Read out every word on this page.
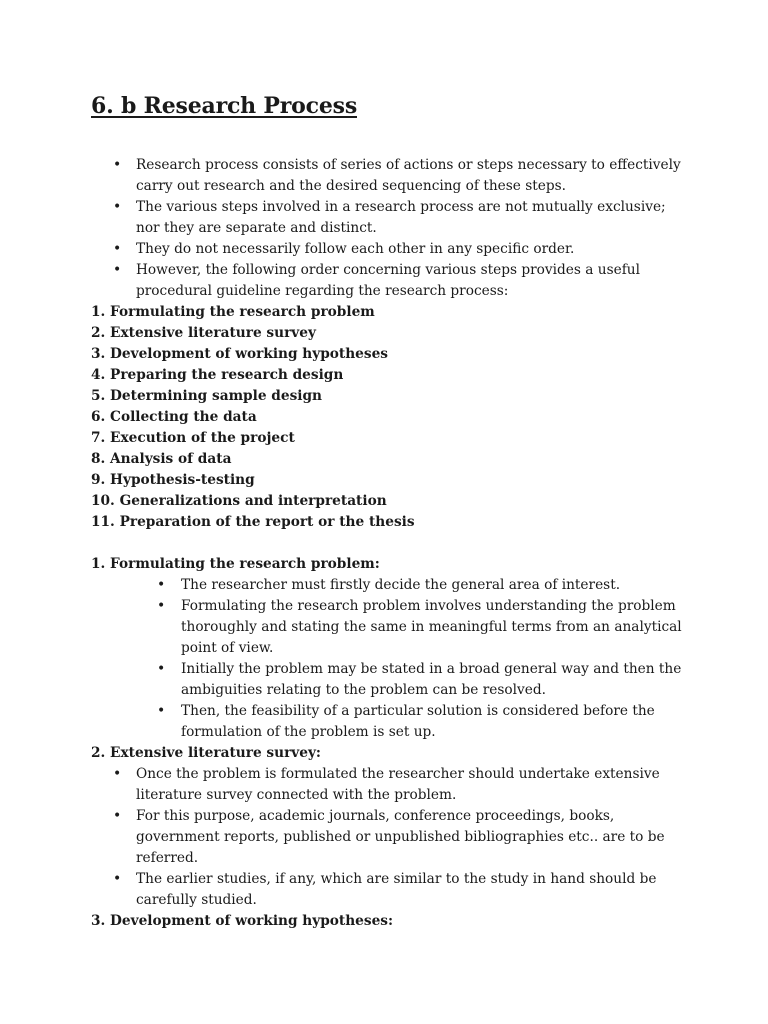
6. b Research Process
• Research process consists of series of actions or steps necessary to effectively carry out research and the desired sequencing of these steps.
• The various steps involved in a research process are not mutually exclusive; nor they are separate and distinct.
• They do not necessarily follow each other in any specific order.
• However, the following order concerning various steps provides a useful procedural guideline regarding the research process:
1. Formulating the research problem
2. Extensive literature survey
3. Development of working hypotheses
4. Preparing the research design
5. Determining sample design
6. Collecting the data
7. Execution of the project
8. Analysis of data
9. Hypothesis-testing
10. Generalizations and interpretation
11. Preparation of the report or the thesis
1. Formulating the research problem:
• The researcher must firstly decide the general area of interest.
• Formulating the research problem involves understanding the problem thoroughly and stating the same in meaningful terms from an analytical point of view.
• Initially the problem may be stated in a broad general way and then the ambiguities relating to the problem can be resolved.
• Then, the feasibility of a particular solution is considered before the formulation of the problem is set up.
2. Extensive literature survey:
• Once the problem is formulated the researcher should undertake extensive literature survey connected with the problem.
• For this purpose, academic journals, conference proceedings, books, government reports, published or unpublished bibliographies etc.. are to be referred.
• The earlier studies, if any, which are similar to the study in hand should be carefully studied.
3. Development of working hypotheses:
